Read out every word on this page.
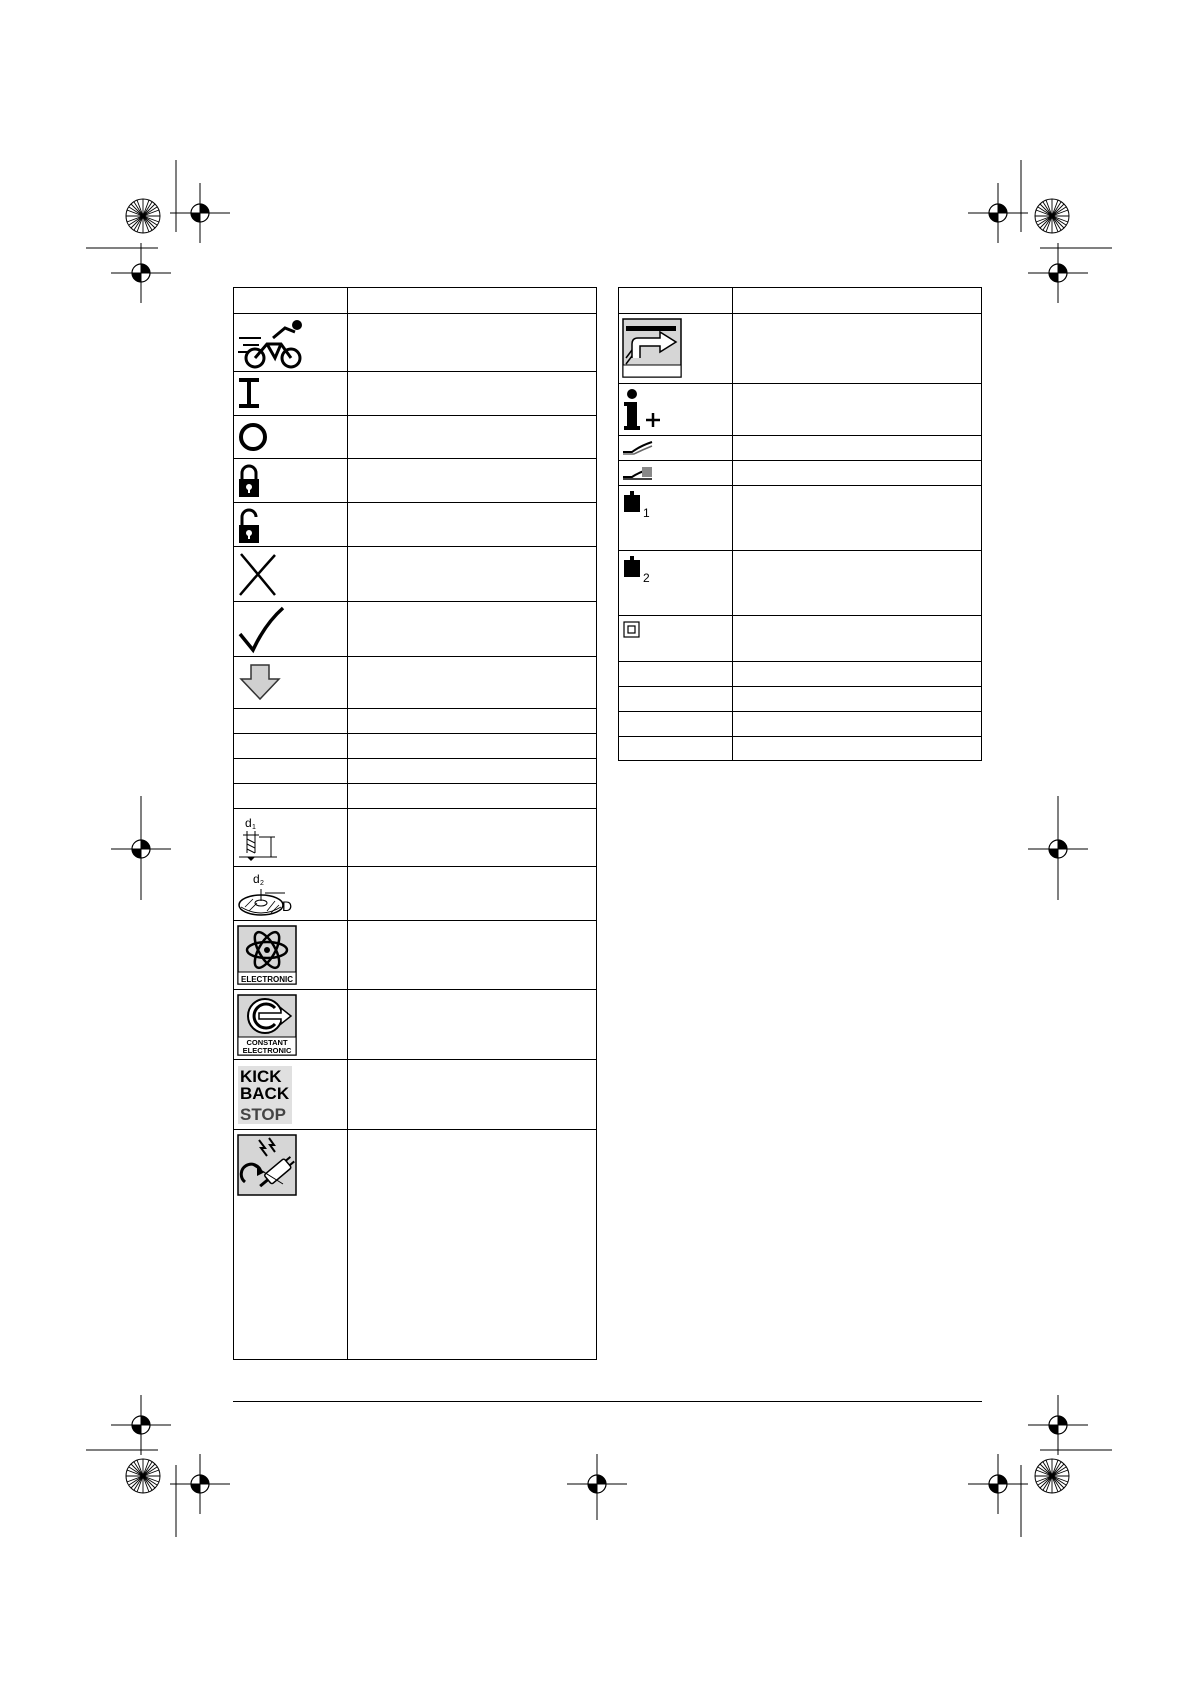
d 1
d 2
D
ELECTRONIC
CONSTANT
ELECTRONIC
KICK
BACK
STOP
1
2
